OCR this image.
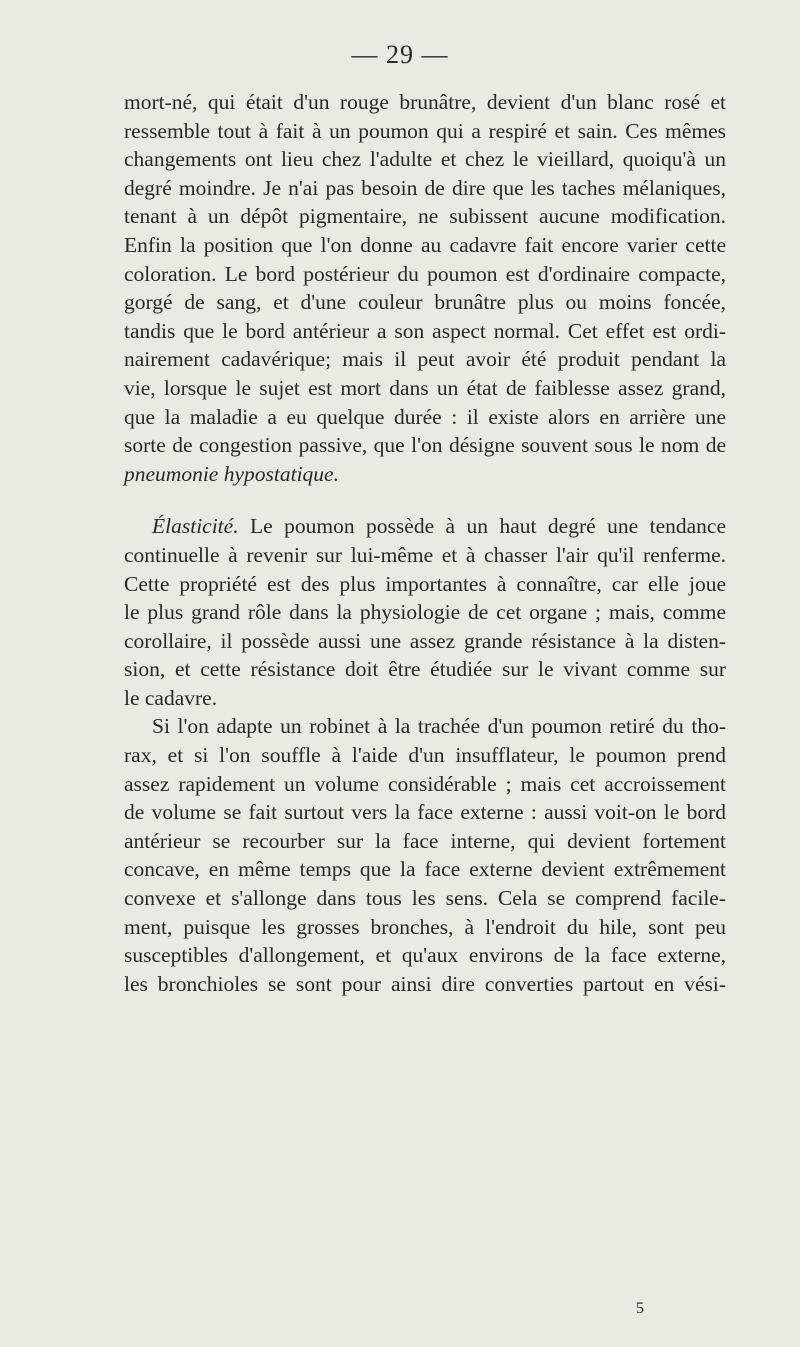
— 29 —
mort-né, qui était d'un rouge brunâtre, devient d'un blanc rosé et
ressemble tout à fait à un poumon qui a respiré et sain. Ces mêmes
changements ont lieu chez l'adulte et chez le vieillard, quoiqu'à un
degré moindre. Je n'ai pas besoin de dire que les taches mélaniques,
tenant à un dépôt pigmentaire, ne subissent aucune modification.
Enfin la position que l'on donne au cadavre fait encore varier cette
coloration. Le bord postérieur du poumon est d'ordinaire compacte,
gorgé de sang, et d'une couleur brunâtre plus ou moins foncée,
tandis que le bord antérieur a son aspect normal. Cet effet est ordi-
nairement cadavérique; mais il peut avoir été produit pendant la
vie, lorsque le sujet est mort dans un état de faiblesse assez grand,
que la maladie a eu quelque durée : il existe alors en arrière une
sorte de congestion passive, que l'on désigne souvent sous le nom de
pneumonie hypostatique.
Élasticité. Le poumon possède à un haut degré une tendance
continuelle à revenir sur lui-même et à chasser l'air qu'il renferme.
Cette propriété est des plus importantes à connaître, car elle joue
le plus grand rôle dans la physiologie de cet organe ; mais, comme
corollaire, il possède aussi une assez grande résistance à la disten-
sion, et cette résistance doit être étudiée sur le vivant comme sur
le cadavre.
Si l'on adapte un robinet à la trachée d'un poumon retiré du tho-
rax, et si l'on souffle à l'aide d'un insufflateur, le poumon prend
assez rapidement un volume considérable ; mais cet accroissement
de volume se fait surtout vers la face externe : aussi voit-on le bord
antérieur se recourber sur la face interne, qui devient fortement
concave, en même temps que la face externe devient extrêmement
convexe et s'allonge dans tous les sens. Cela se comprend facile-
ment, puisque les grosses bronches, à l'endroit du hile, sont peu
susceptibles d'allongement, et qu'aux environs de la face externe,
les bronchioles se sont pour ainsi dire converties partout en vési-
5
